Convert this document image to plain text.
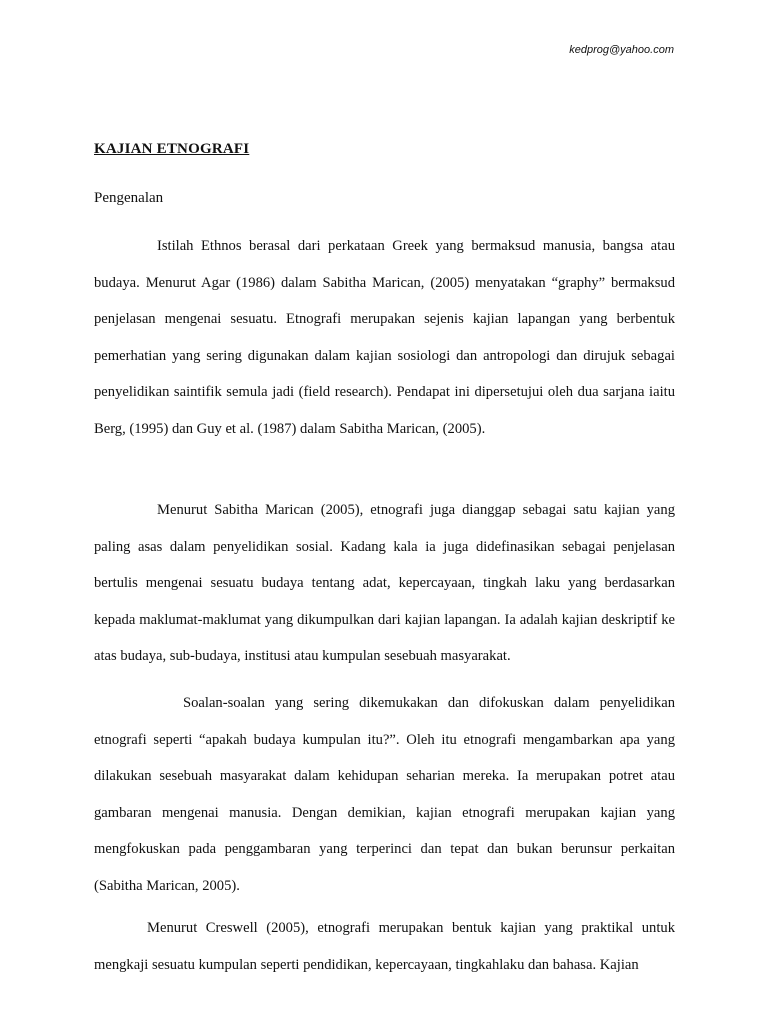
kedprog@yahoo.com
KAJIAN ETNOGRAFI
Pengenalan

Istilah Ethnos berasal dari perkataan Greek yang bermaksud manusia, bangsa atau budaya. Menurut Agar (1986) dalam Sabitha Marican, (2005) menyatakan “graphy” bermaksud penjelasan mengenai sesuatu. Etnografi merupakan sejenis kajian lapangan yang berbentuk pemerhatian yang sering digunakan dalam kajian sosiologi dan antropologi dan dirujuk sebagai penyelidikan saintifik semula jadi (field research). Pendapat ini dipersetujui oleh dua sarjana iaitu Berg, (1995) dan Guy et al. (1987) dalam Sabitha Marican, (2005).

Menurut Sabitha Marican (2005), etnografi juga dianggap sebagai satu kajian yang paling asas dalam penyelidikan sosial. Kadang kala ia juga didefinasikan sebagai penjelasan bertulis mengenai sesuatu budaya tentang adat, kepercayaan, tingkah laku yang berdasarkan kepada maklumat-maklumat yang dikumpulkan dari kajian lapangan. Ia adalah kajian deskriptif ke atas budaya, sub-budaya, institusi atau kumpulan sesebuah masyarakat.

Soalan-soalan yang sering dikemukakan dan difokuskan dalam penyelidikan etnografi seperti “apakah budaya kumpulan itu?”. Oleh itu etnografi mengambarkan apa yang dilakukan sesebuah masyarakat dalam kehidupan seharian mereka. Ia merupakan potret atau gambaran mengenai manusia. Dengan demikian, kajian etnografi merupakan kajian yang mengfokuskan pada penggambaran yang terperinci dan tepat dan bukan berunsur perkaitan (Sabitha Marican, 2005).

Menurut Creswell (2005), etnografi merupakan bentuk kajian yang praktikal untuk mengkaji sesuatu kumpulan seperti pendidikan, kepercayaan, tingkahlaku dan bahasa. Kajian
